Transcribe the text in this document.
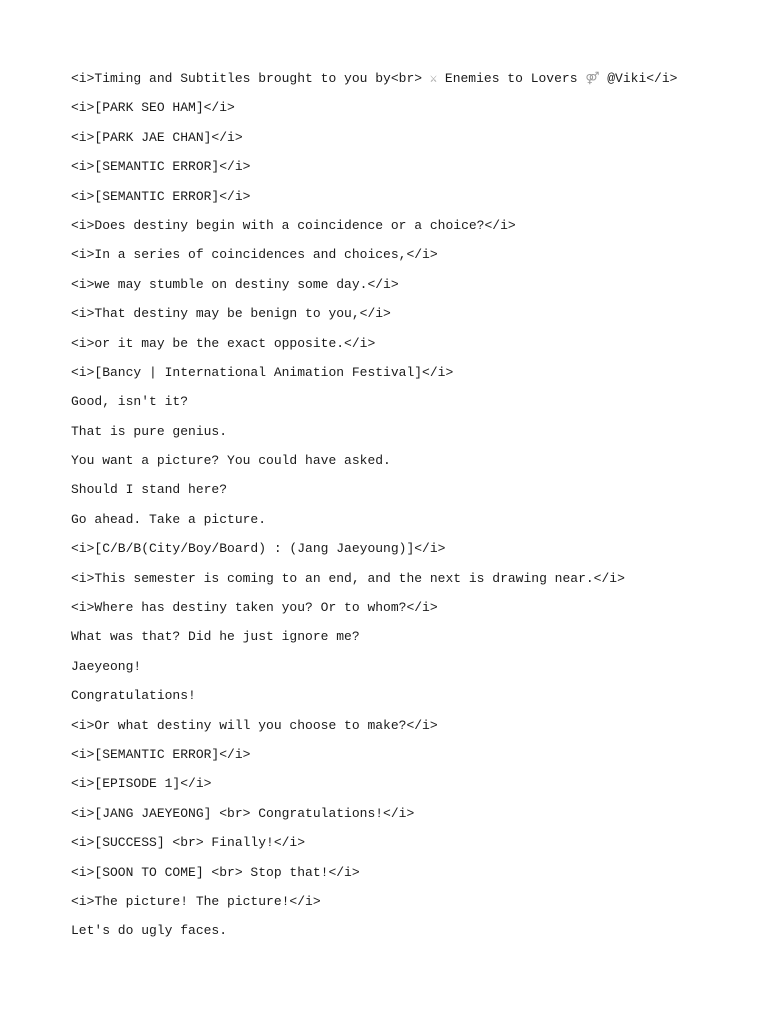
<i>Timing and Subtitles brought to you by<br> ⚔ Enemies to Lovers ⚤ @Viki</i>
<i>[PARK SEO HAM]</i>
<i>[PARK JAE CHAN]</i>
<i>[SEMANTIC ERROR]</i>
<i>[SEMANTIC ERROR]</i>
<i>Does destiny begin with a coincidence or a choice?</i>
<i>In a series of coincidences and choices,</i>
<i>we may stumble on destiny some day.</i>
<i>That destiny may be benign to you,</i>
<i>or it may be the exact opposite.</i>
<i>[Bancy | International Animation Festival]</i>
Good, isn't it?
That is pure genius.
You want a picture? You could have asked.
Should I stand here?
Go ahead. Take a picture.
<i>[C/B/B(City/Boy/Board) : (Jang Jaeyoung)]</i>
<i>This semester is coming to an end, and the next is drawing near.</i>
<i>Where has destiny taken you? Or to whom?</i>
What was that? Did he just ignore me?
Jaeyeong!
Congratulations!
<i>Or what destiny will you choose to make?</i>
<i>[SEMANTIC ERROR]</i>
<i>[EPISODE 1]</i>
<i>[JANG JAEYEONG] <br> Congratulations!</i>
<i>[SUCCESS] <br> Finally!</i>
<i>[SOON TO COME] <br> Stop that!</i>
<i>The picture! The picture!</i>
Let's do ugly faces.
